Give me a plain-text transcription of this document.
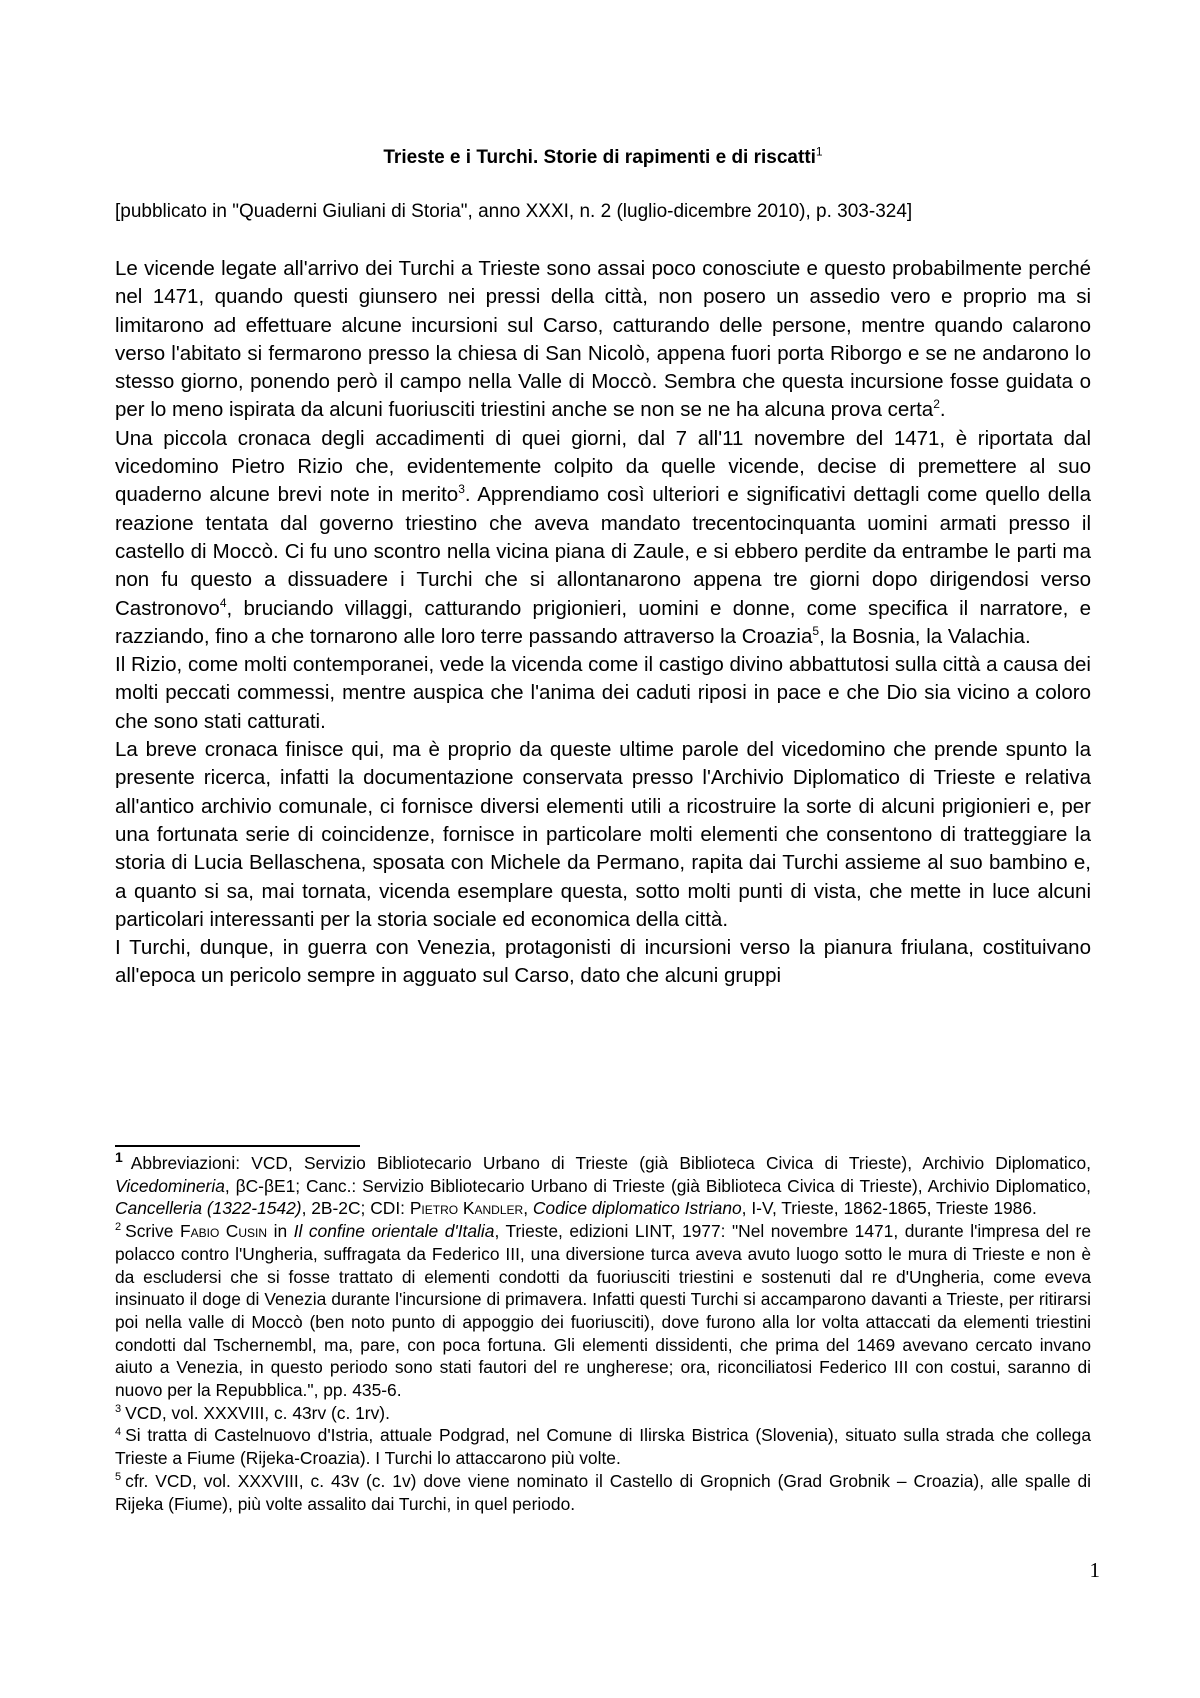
Trieste e i Turchi. Storie di rapimenti e di riscatti$^1$
[pubblicato in "Quaderni Giuliani di Storia", anno XXXI, n. 2 (luglio-dicembre 2010), p. 303-324]

Le vicende legate all'arrivo dei Turchi a Trieste sono assai poco conosciute e questo probabilmente perché nel 1471, quando questi giunsero nei pressi della città, non posero un assedio vero e proprio ma si limitarono ad effettuare alcune incursioni sul Carso, catturando delle persone, mentre quando calarono verso l'abitato si fermarono presso la chiesa di San Nicolò, appena fuori porta Riborgo e se ne andarono lo stesso giorno, ponendo però il campo nella Valle di Moccò. Sembra che questa incursione fosse guidata o per lo meno ispirata da alcuni fuoriusciti triestini anche se non se ne ha alcuna prova certa$^2$.

Una piccola cronaca degli accadimenti di quei giorni, dal 7 all'11 novembre del 1471, è riportata dal vicedomino Pietro Rizio che, evidentemente colpito da quelle vicende, decise di premettere al suo quaderno alcune brevi note in merito$^3$. Apprendiamo così ulteriori e significativi dettagli come quello della reazione tentata dal governo triestino che aveva mandato trecentocinquanta uomini armati presso il castello di Moccò. Ci fu uno scontro nella vicina piana di Zaule, e si ebbero perdite da entrambe le parti ma non fu questo a dissuadere i Turchi che si allontanarono appena tre giorni dopo dirigendosi verso Castronovo$^4$, bruciando villaggi, catturando prigionieri, uomini e donne, come specifica il narratore, e razziando, fino a che tornarono alle loro terre passando attraverso la Croazia$^5$, la Bosnia, la Valachia.

Il Rizio, come molti contemporanei, vede la vicenda come il castigo divino abbattutosi sulla città a causa dei molti peccati commessi, mentre auspica che l'anima dei caduti riposi in pace e che Dio sia vicino a coloro che sono stati catturati.

La breve cronaca finisce qui, ma è proprio da queste ultime parole del vicedomino che prende spunto la presente ricerca, infatti la documentazione conservata presso l'Archivio Diplomatico di Trieste e relativa all'antico archivio comunale, ci fornisce diversi elementi utili a ricostruire la sorte di alcuni prigionieri e, per una fortunata serie di coincidenze, fornisce in particolare molti elementi che consentono di tratteggiare la storia di Lucia Bellaschena, sposata con Michele da Permano, rapita dai Turchi assieme al suo bambino e, a quanto si sa, mai tornata, vicenda esemplare questa, sotto molti punti di vista, che mette in luce alcuni particolari interessanti per la storia sociale ed economica della città.

I Turchi, dunque, in guerra con Venezia, protagonisti di incursioni verso la pianura friulana, costituivano all'epoca un pericolo sempre in agguato sul Carso, dato che alcuni gruppi

$^1$ Abbreviazioni: VCD, Servizio Bibliotecario Urbano di Trieste (già Biblioteca Civica di Trieste), Archivio Diplomatico, Vicedomineria, βC-βE1; Canc.: Servizio Bibliotecario Urbano di Trieste (già Biblioteca Civica di Trieste), Archivio Diplomatico, Cancelleria (1322-1542), 2B-2C; CDI: Pietro Kandler, Codice diplomatico Istriano, I-V, Trieste, 1862-1865, Trieste 1986.

$^2$ Scrive Fabio Cusin in Il confine orientale d'Italia, Trieste, edizioni LINT, 1977: "Nel novembre 1471, durante l'impresa del re polacco contro l'Ungheria, suffragata da Federico III, una diversione turca aveva avuto luogo sotto le mura di Trieste e non è da escludersi che si fosse trattato di elementi condotti da fuoriusciti triestini e sostenuti dal re d'Ungheria, come eveva insinuato il doge di Venezia durante l'incursione di primavera. Infatti questi Turchi si accamparono davanti a Trieste, per ritirarsi poi nella valle di Moccò (ben noto punto di appoggio dei fuoriusciti), dove furono alla lor volta attaccati da elementi triestini condotti dal Tschernembl, ma, pare, con poca fortuna. Gli elementi dissidenti, che prima del 1469 avevano cercato invano aiuto a Venezia, in questo periodo sono stati fautori del re ungherese; ora, riconciliatosi Federico III con costui, saranno di nuovo per la Repubblica.", pp. 435-6.

$^3$ VCD, vol. XXXVIII, c. 43rv (c. 1rv).

$^4$ Si tratta di Castelnuovo d'Istria, attuale Podgrad, nel Comune di Ilirska Bistrica (Slovenia), situato sulla strada che collega Trieste a Fiume (Rijeka-Croazia). I Turchi lo attaccarono più volte.

$^5$ cfr. VCD, vol. XXXVIII, c. 43v (c. 1v) dove viene nominato il Castello di Gropnich (Grad Grobnik – Croazia), alle spalle di Rijeka (Fiume), più volte assalito dai Turchi, in quel periodo.

1
